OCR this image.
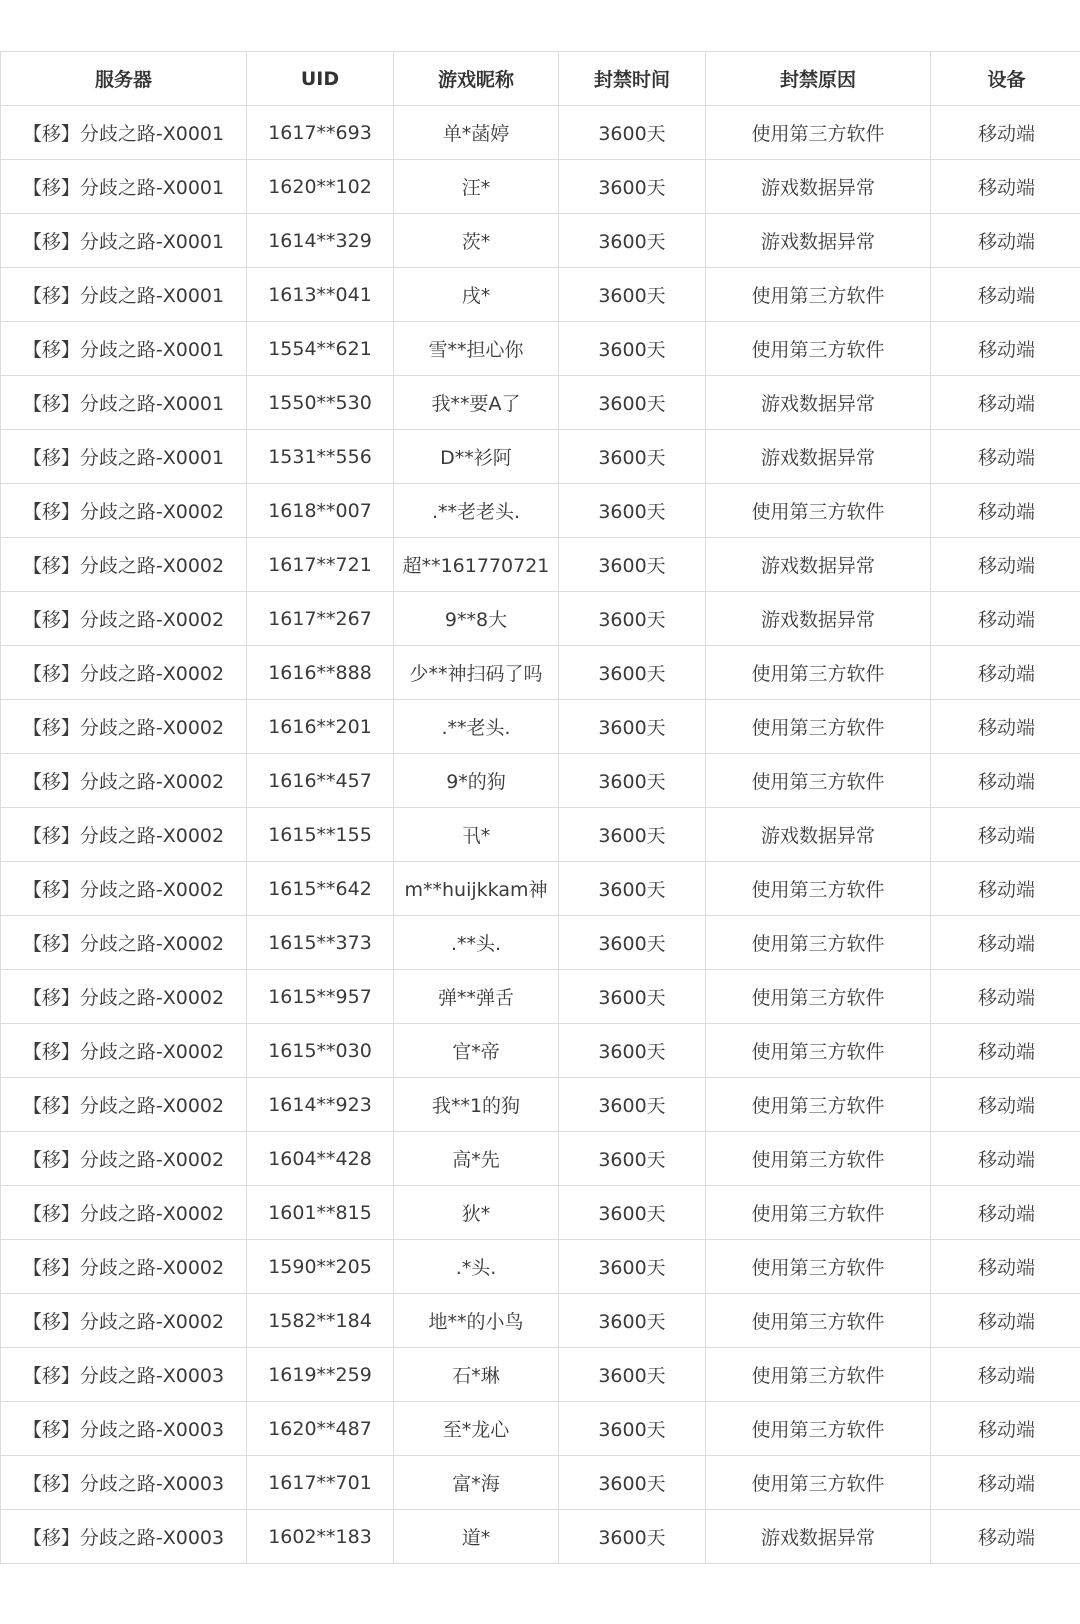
服务器	UID	游戏昵称	封禁时间	封禁原因	设备
【移】分歧之路-X0001	1617**693	单*菡婷	3600天	使用第三方软件	移动端
【移】分歧之路-X0001	1620**102	汪*	3600天	游戏数据异常	移动端
【移】分歧之路-X0001	1614**329	茨*	3600天	游戏数据异常	移动端
【移】分歧之路-X0001	1613**041	戌*	3600天	使用第三方软件	移动端
【移】分歧之路-X0001	1554**621	雪**担心你	3600天	使用第三方软件	移动端
【移】分歧之路-X0001	1550**530	我**要A了	3600天	游戏数据异常	移动端
【移】分歧之路-X0001	1531**556	D**衫阿	3600天	游戏数据异常	移动端
【移】分歧之路-X0002	1618**007	.**老老头.	3600天	使用第三方软件	移动端
【移】分歧之路-X0002	1617**721	超**161770721	3600天	游戏数据异常	移动端
【移】分歧之路-X0002	1617**267	9**8大	3600天	游戏数据异常	移动端
【移】分歧之路-X0002	1616**888	少**神扫码了吗	3600天	使用第三方软件	移动端
【移】分歧之路-X0002	1616**201	.**老头.	3600天	使用第三方软件	移动端
【移】分歧之路-X0002	1616**457	9*的狗	3600天	使用第三方软件	移动端
【移】分歧之路-X0002	1615**155	卂*	3600天	游戏数据异常	移动端
【移】分歧之路-X0002	1615**642	m**huijkkam神	3600天	使用第三方软件	移动端
【移】分歧之路-X0002	1615**373	.**头.	3600天	使用第三方软件	移动端
【移】分歧之路-X0002	1615**957	弹**弹舌	3600天	使用第三方软件	移动端
【移】分歧之路-X0002	1615**030	官*帝	3600天	使用第三方软件	移动端
【移】分歧之路-X0002	1614**923	我**1的狗	3600天	使用第三方软件	移动端
【移】分歧之路-X0002	1604**428	高*先	3600天	使用第三方软件	移动端
【移】分歧之路-X0002	1601**815	狄*	3600天	使用第三方软件	移动端
【移】分歧之路-X0002	1590**205	.*头.	3600天	使用第三方软件	移动端
【移】分歧之路-X0002	1582**184	地**的小鸟	3600天	使用第三方软件	移动端
【移】分歧之路-X0003	1619**259	石*琳	3600天	使用第三方软件	移动端
【移】分歧之路-X0003	1620**487	至*龙心	3600天	使用第三方软件	移动端
【移】分歧之路-X0003	1617**701	富*海	3600天	使用第三方软件	移动端
【移】分歧之路-X0003	1602**183	道*	3600天	游戏数据异常	移动端
